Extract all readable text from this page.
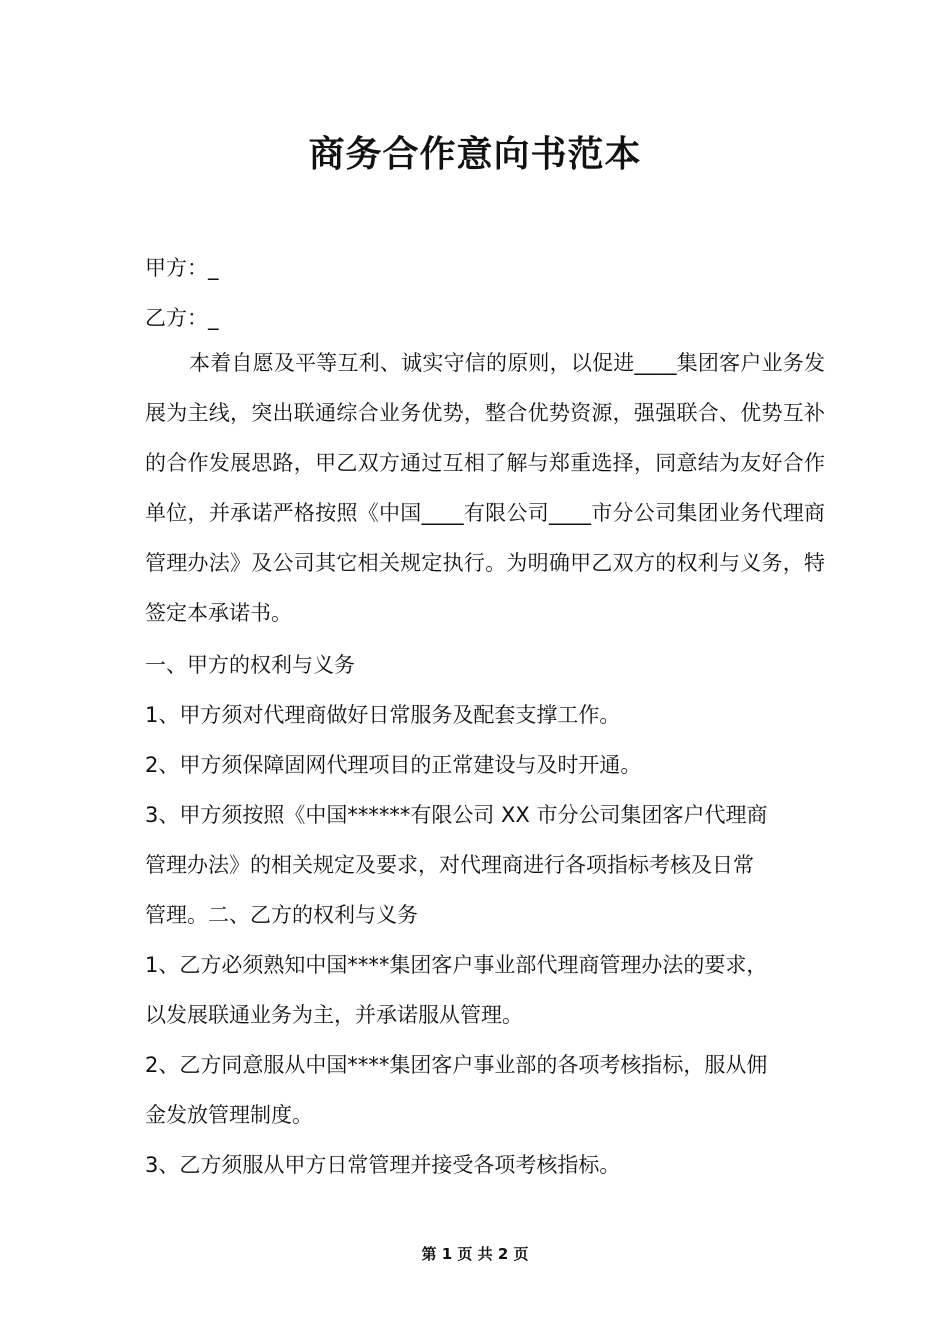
商务合作意向书范本
甲方：_
乙方：_
本着自愿及平等互利、诚实守信的原则，以促进____集团客户业务发展为主线，突出联通综合业务优势，整合优势资源，强强联合、优势互补的合作发展思路，甲乙双方通过互相了解与郑重选择，同意结为友好合作单位，并承诺严格按照《中国____有限公司____市分公司集团业务代理商管理办法》及公司其它相关规定执行。为明确甲乙双方的权利与义务，特签定本承诺书。
一、甲方的权利与义务
1、甲方须对代理商做好日常服务及配套支撑工作。
2、甲方须保障固网代理项目的正常建设与及时开通。
3、甲方须按照《中国******有限公司 XX 市分公司集团客户代理商
管理办法》的相关规定及要求，对代理商进行各项指标考核及日常
管理。二、乙方的权利与义务
1、乙方必须熟知中国****集团客户事业部代理商管理办法的要求，
以发展联通业务为主，并承诺服从管理。
2、乙方同意服从中国****集团客户事业部的各项考核指标，服从佣
金发放管理制度。
3、乙方须服从甲方日常管理并接受各项考核指标。
第 1 页 共 2 页
